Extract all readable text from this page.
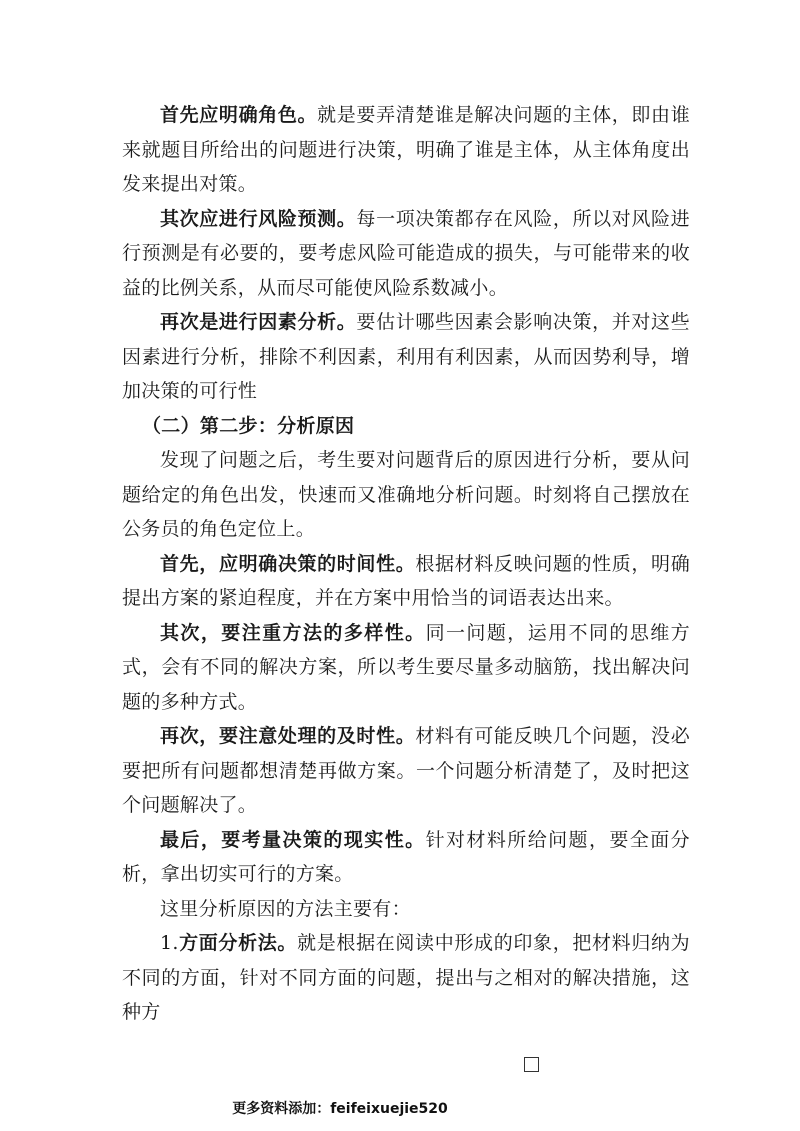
首先应明确角色。就是要弄清楚谁是解决问题的主体，即由谁来就题目所给出的问题进行决策，明确了谁是主体，从主体角度出发来提出对策。

其次应进行风险预测。每一项决策都存在风险，所以对风险进行预测是有必要的，要考虑风险可能造成的损失，与可能带来的收益的比例关系，从而尽可能使风险系数减小。

再次是进行因素分析。要估计哪些因素会影响决策，并对这些因素进行分析，排除不利因素，利用有利因素，从而因势利导，增加决策的可行性

（二）第二步：分析原因

发现了问题之后，考生要对问题背后的原因进行分析，要从问题给定的角色出发，快速而又准确地分析问题。时刻将自己摆放在公务员的角色定位上。

首先，应明确决策的时间性。根据材料反映问题的性质，明确提出方案的紧迫程度，并在方案中用恰当的词语表达出来。

其次，要注重方法的多样性。同一问题，运用不同的思维方式，会有不同的解决方案，所以考生要尽量多动脑筋，找出解决问题的多种方式。

再次，要注意处理的及时性。材料有可能反映几个问题，没必要把所有问题都想清楚再做方案。一个问题分析清楚了，及时把这个问题解决了。

最后，要考量决策的现实性。针对材料所给问题，要全面分析，拿出切实可行的方案。

这里分析原因的方法主要有：

1.方面分析法。就是根据在阅读中形成的印象，把材料归纳为不同的方面，针对不同方面的问题，提出与之相对的解决措施，这种方

更多资料添加：feifeixuejie520
